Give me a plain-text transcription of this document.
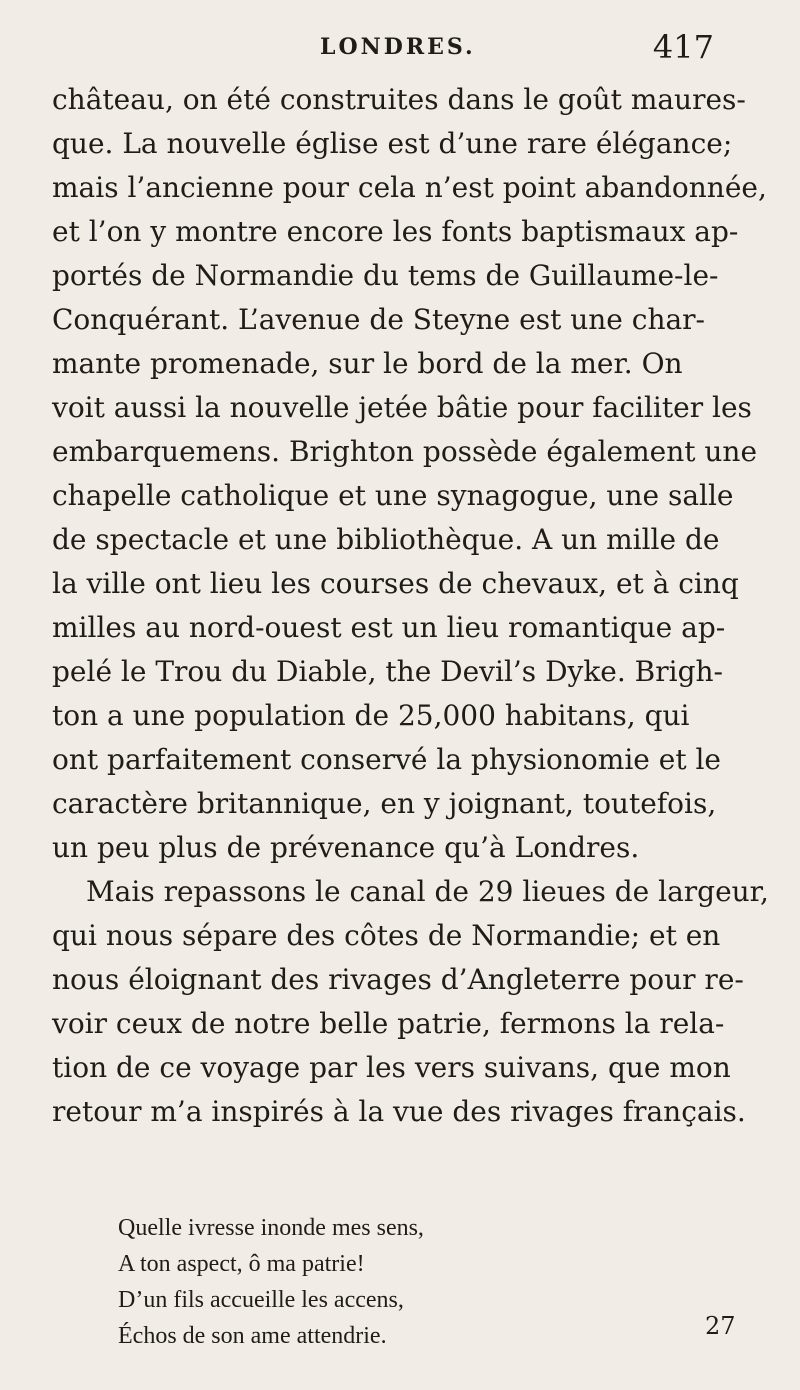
LONDRES.	417
château, on été construites dans le goût maures-
que. La nouvelle église est d’une rare élégance;
mais l’ancienne pour cela n’est point abandonnée,
et l’on y montre encore les fonts baptismaux ap-
portés de Normandie du tems de Guillaume-le-
Conquérant. L’avenue de Steyne est une char-
mante promenade, sur le bord de la mer. On
voit aussi la nouvelle jetée bâtie pour faciliter les
embarquemens. Brighton possède également une
chapelle catholique et une synagogue, une salle
de spectacle et une bibliothèque. A un mille de
la ville ont lieu les courses de chevaux, et à cinq
milles au nord-ouest est un lieu romantique ap-
pelé le Trou du Diable, the Devil’s Dyke. Brigh-
ton a une population de 25,000 habitans, qui
ont parfaitement conservé la physionomie et le
caractère britannique, en y joignant, toutefois,
un peu plus de prévenance qu’à Londres.
Mais repassons le canal de 29 lieues de largeur,
qui nous sépare des côtes de Normandie; et en
nous éloignant des rivages d’Angleterre pour re-
voir ceux de notre belle patrie, fermons la rela-
tion de ce voyage par les vers suivans, que mon
retour m’a inspirés à la vue des rivages français.
Quelle ivresse inonde mes sens,
A ton aspect, ô ma patrie!
D’un fils accueille les accens,
Échos de son ame attendrie.	27
